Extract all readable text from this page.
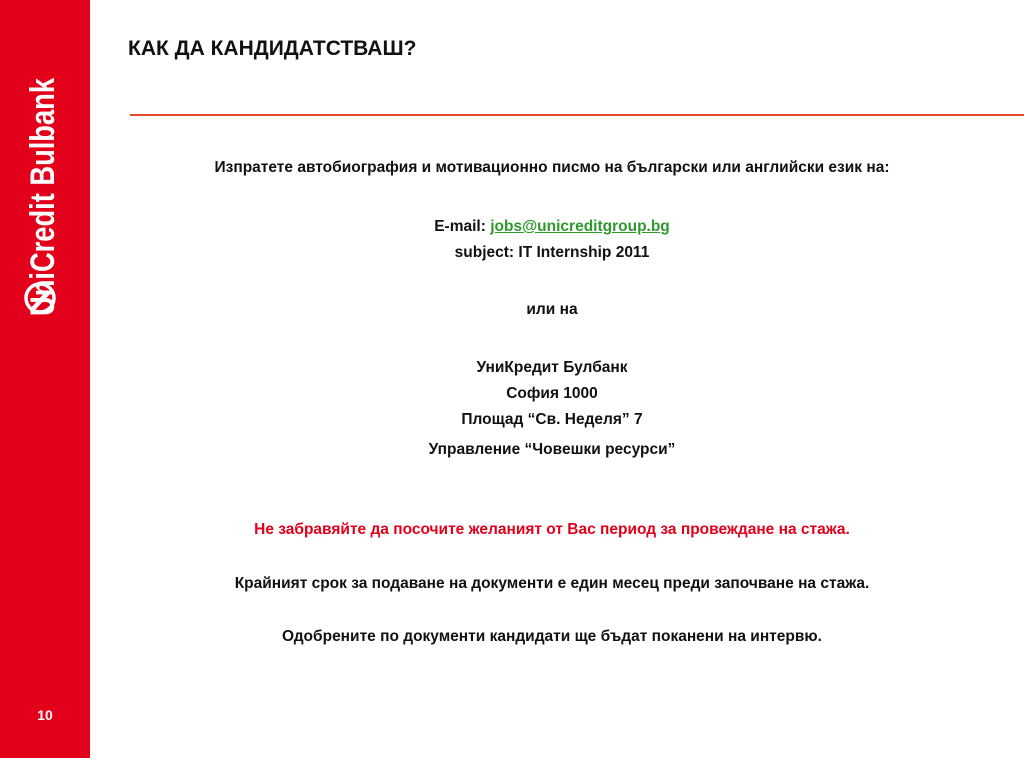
UniCredit Bulbank
10
КАК ДА КАНДИДАТСТВАШ?
Изпратете автобиография и мотивационно писмо на български или английски език на:
E-mail: jobs@unicreditgroup.bg
subject: IT Internship 2011
или на
УниКредит Булбанк
София 1000
Площад “Св. Неделя” 7
Управление “Човешки ресурси”
Не забравяйте да посочите желаният от Вас период за провеждане на стажа.
Крайният срок за подаване на документи е един месец преди започване на стажа.
Одобрените по документи кандидати ще бъдат поканени на интервю.
